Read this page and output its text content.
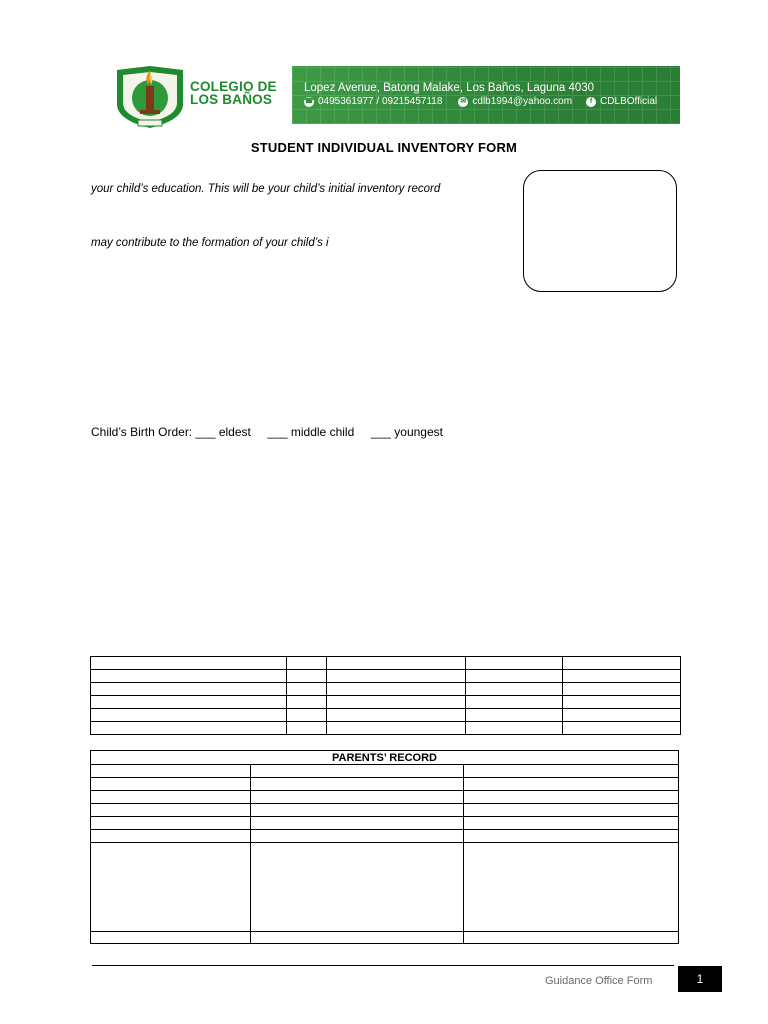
COLEGIO DE
LOS BAÑOS
Lopez Avenue, Batong Malake, Los Baños, Laguna 4030
☎ 0495361977 / 09215457118	✉ cdlb1994@yahoo.com	f CDLBOfficial
STUDENT INDIVIDUAL INVENTORY FORM
your child’s education. This will be your child’s initial inventory record
may contribute to the formation of your child’s i
Child’s Birth Order: ___ eldest     ___ middle child     ___ youngest

PARENTS’ RECORD		

Guidance Office Form	1
